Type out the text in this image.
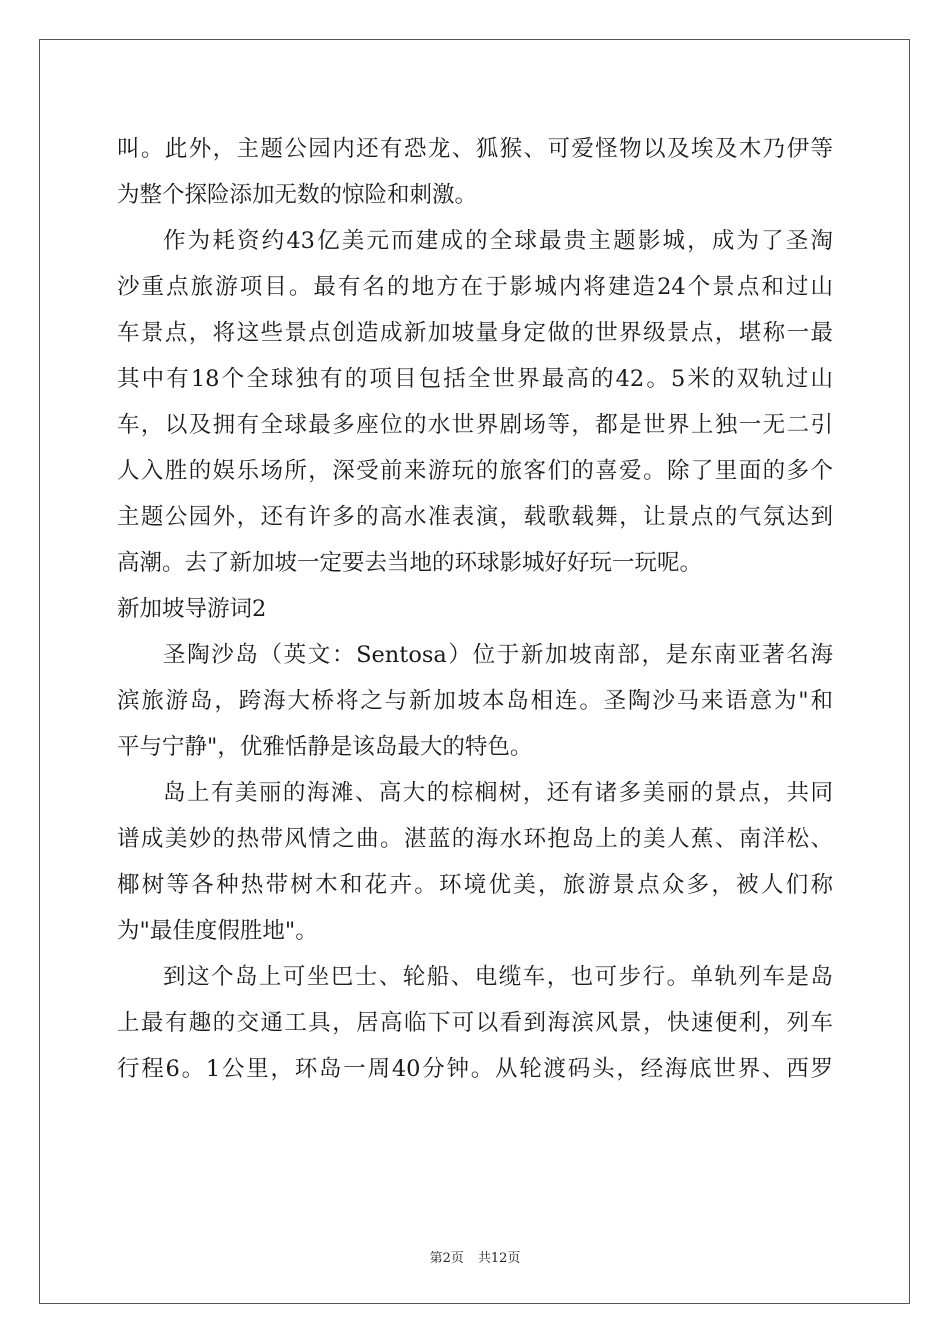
叫。此外，主题公园内还有恐龙、狐猴、可爱怪物以及埃及木乃伊等
为整个探险添加无数的惊险和刺激。
作为耗资约43亿美元而建成的全球最贵主题影城，成为了圣淘
沙重点旅游项目。最有名的地方在于影城内将建造24个景点和过山
车景点，将这些景点创造成新加坡量身定做的世界级景点，堪称一最
其中有18个全球独有的项目包括全世界最高的42。5米的双轨过山
车，以及拥有全球最多座位的水世界剧场等，都是世界上独一无二引
人入胜的娱乐场所，深受前来游玩的旅客们的喜爱。除了里面的多个
主题公园外，还有许多的高水准表演，载歌载舞，让景点的气氛达到
高潮。去了新加坡一定要去当地的环球影城好好玩一玩呢。
新加坡导游词2
圣陶沙岛（英文：Sentosa）位于新加坡南部，是东南亚著名海
滨旅游岛，跨海大桥将之与新加坡本岛相连。圣陶沙马来语意为"和
平与宁静"，优雅恬静是该岛最大的特色。
岛上有美丽的海滩、高大的棕榈树，还有诸多美丽的景点，共同
谱成美妙的热带风情之曲。湛蓝的海水环抱岛上的美人蕉、南洋松、
椰树等各种热带树木和花卉。环境优美，旅游景点众多，被人们称
为"最佳度假胜地"。
到这个岛上可坐巴士、轮船、电缆车，也可步行。单轨列车是岛
上最有趣的交通工具，居高临下可以看到海滨风景，快速便利，列车
行程6。1公里，环岛一周40分钟。从轮渡码头，经海底世界、西罗
第2页 共12页
